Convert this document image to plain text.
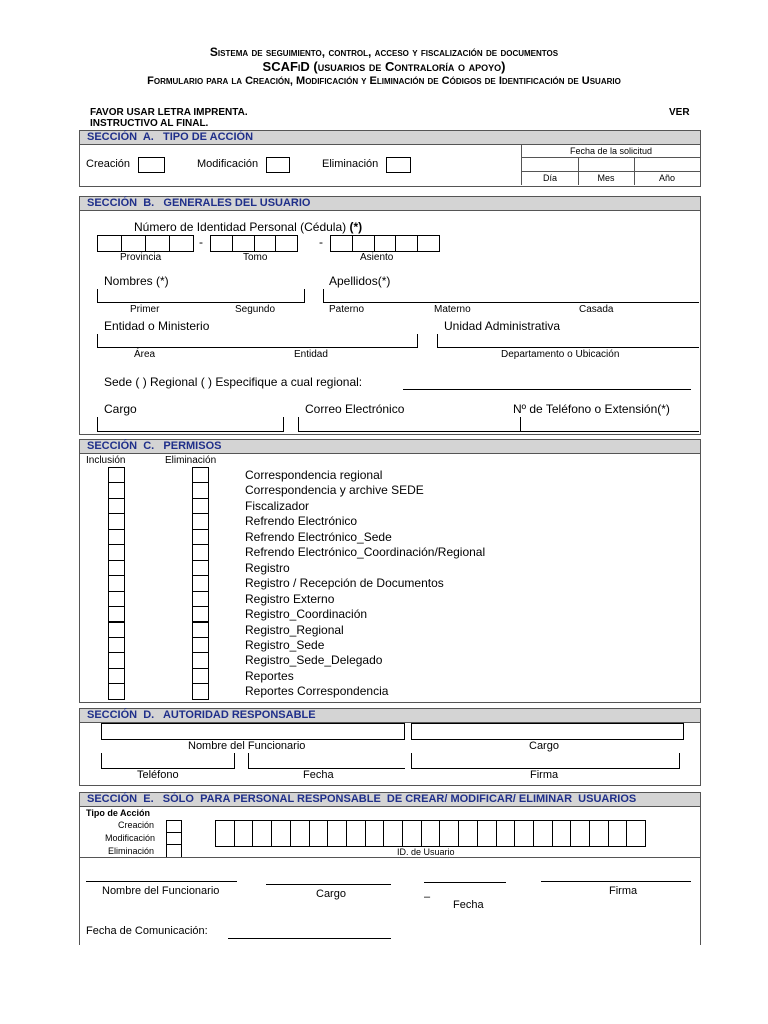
Sistema de seguimiento, control, acceso y fiscalización de documentos
SCAFiD (usuarios de Contraloría o apoyo)
Formulario para la Creación, Modificación y Eliminación de Códigos de Identificación de Usuario
FAVOR USAR LETRA IMPRENTA.
INSTRUCTIVO AL FINAL.
VER
SECCIÓN  A.   TIPO DE ACCIÓN
Creación	Modificación	Eliminación
Fecha de la solicitud
Día	Mes	Año
SECCIÓN  B.   GENERALES DEL USUARIO
Número de Identidad Personal (Cédula) (*)
-	-
Provincia	Tomo	Asiento
Nombres (*)	Apellidos(*)
Primer	Segundo	Paterno	Materno	Casada
Entidad o Ministerio	Unidad Administrativa
Área	Entidad	Departamento o Ubicación
Sede ( ) Regional ( ) Especifique a cual regional:
Cargo	Correo Electrónico	Nº de Teléfono o Extensión(*)
SECCIÓN  C.   PERMISOS
Inclusión	Eliminación
Correspondencia regional
Correspondencia y archive SEDE
Fiscalizador
Refrendo Electrónico
Refrendo Electrónico_Sede
Refrendo Electrónico_Coordinación/Regional
Registro
Registro / Recepción de Documentos
Registro Externo
Registro_Coordinación
Registro_Regional
Registro_Sede
Registro_Sede_Delegado
Reportes
Reportes Correspondencia
SECCIÓN  D.   AUTORIDAD RESPONSABLE
Nombre del Funcionario	Cargo
Teléfono	Fecha	Firma
SECCIÓN  E.   SÓLO  PARA PERSONAL RESPONSABLE  DE CREAR/ MODIFICAR/ ELIMINAR  USUARIOS
Tipo de Acción
Creación
Modificación
Eliminación	ID. de Usuario
Nombre del Funcionario	Cargo	–
Fecha
Firma
Fecha de Comunicación:
